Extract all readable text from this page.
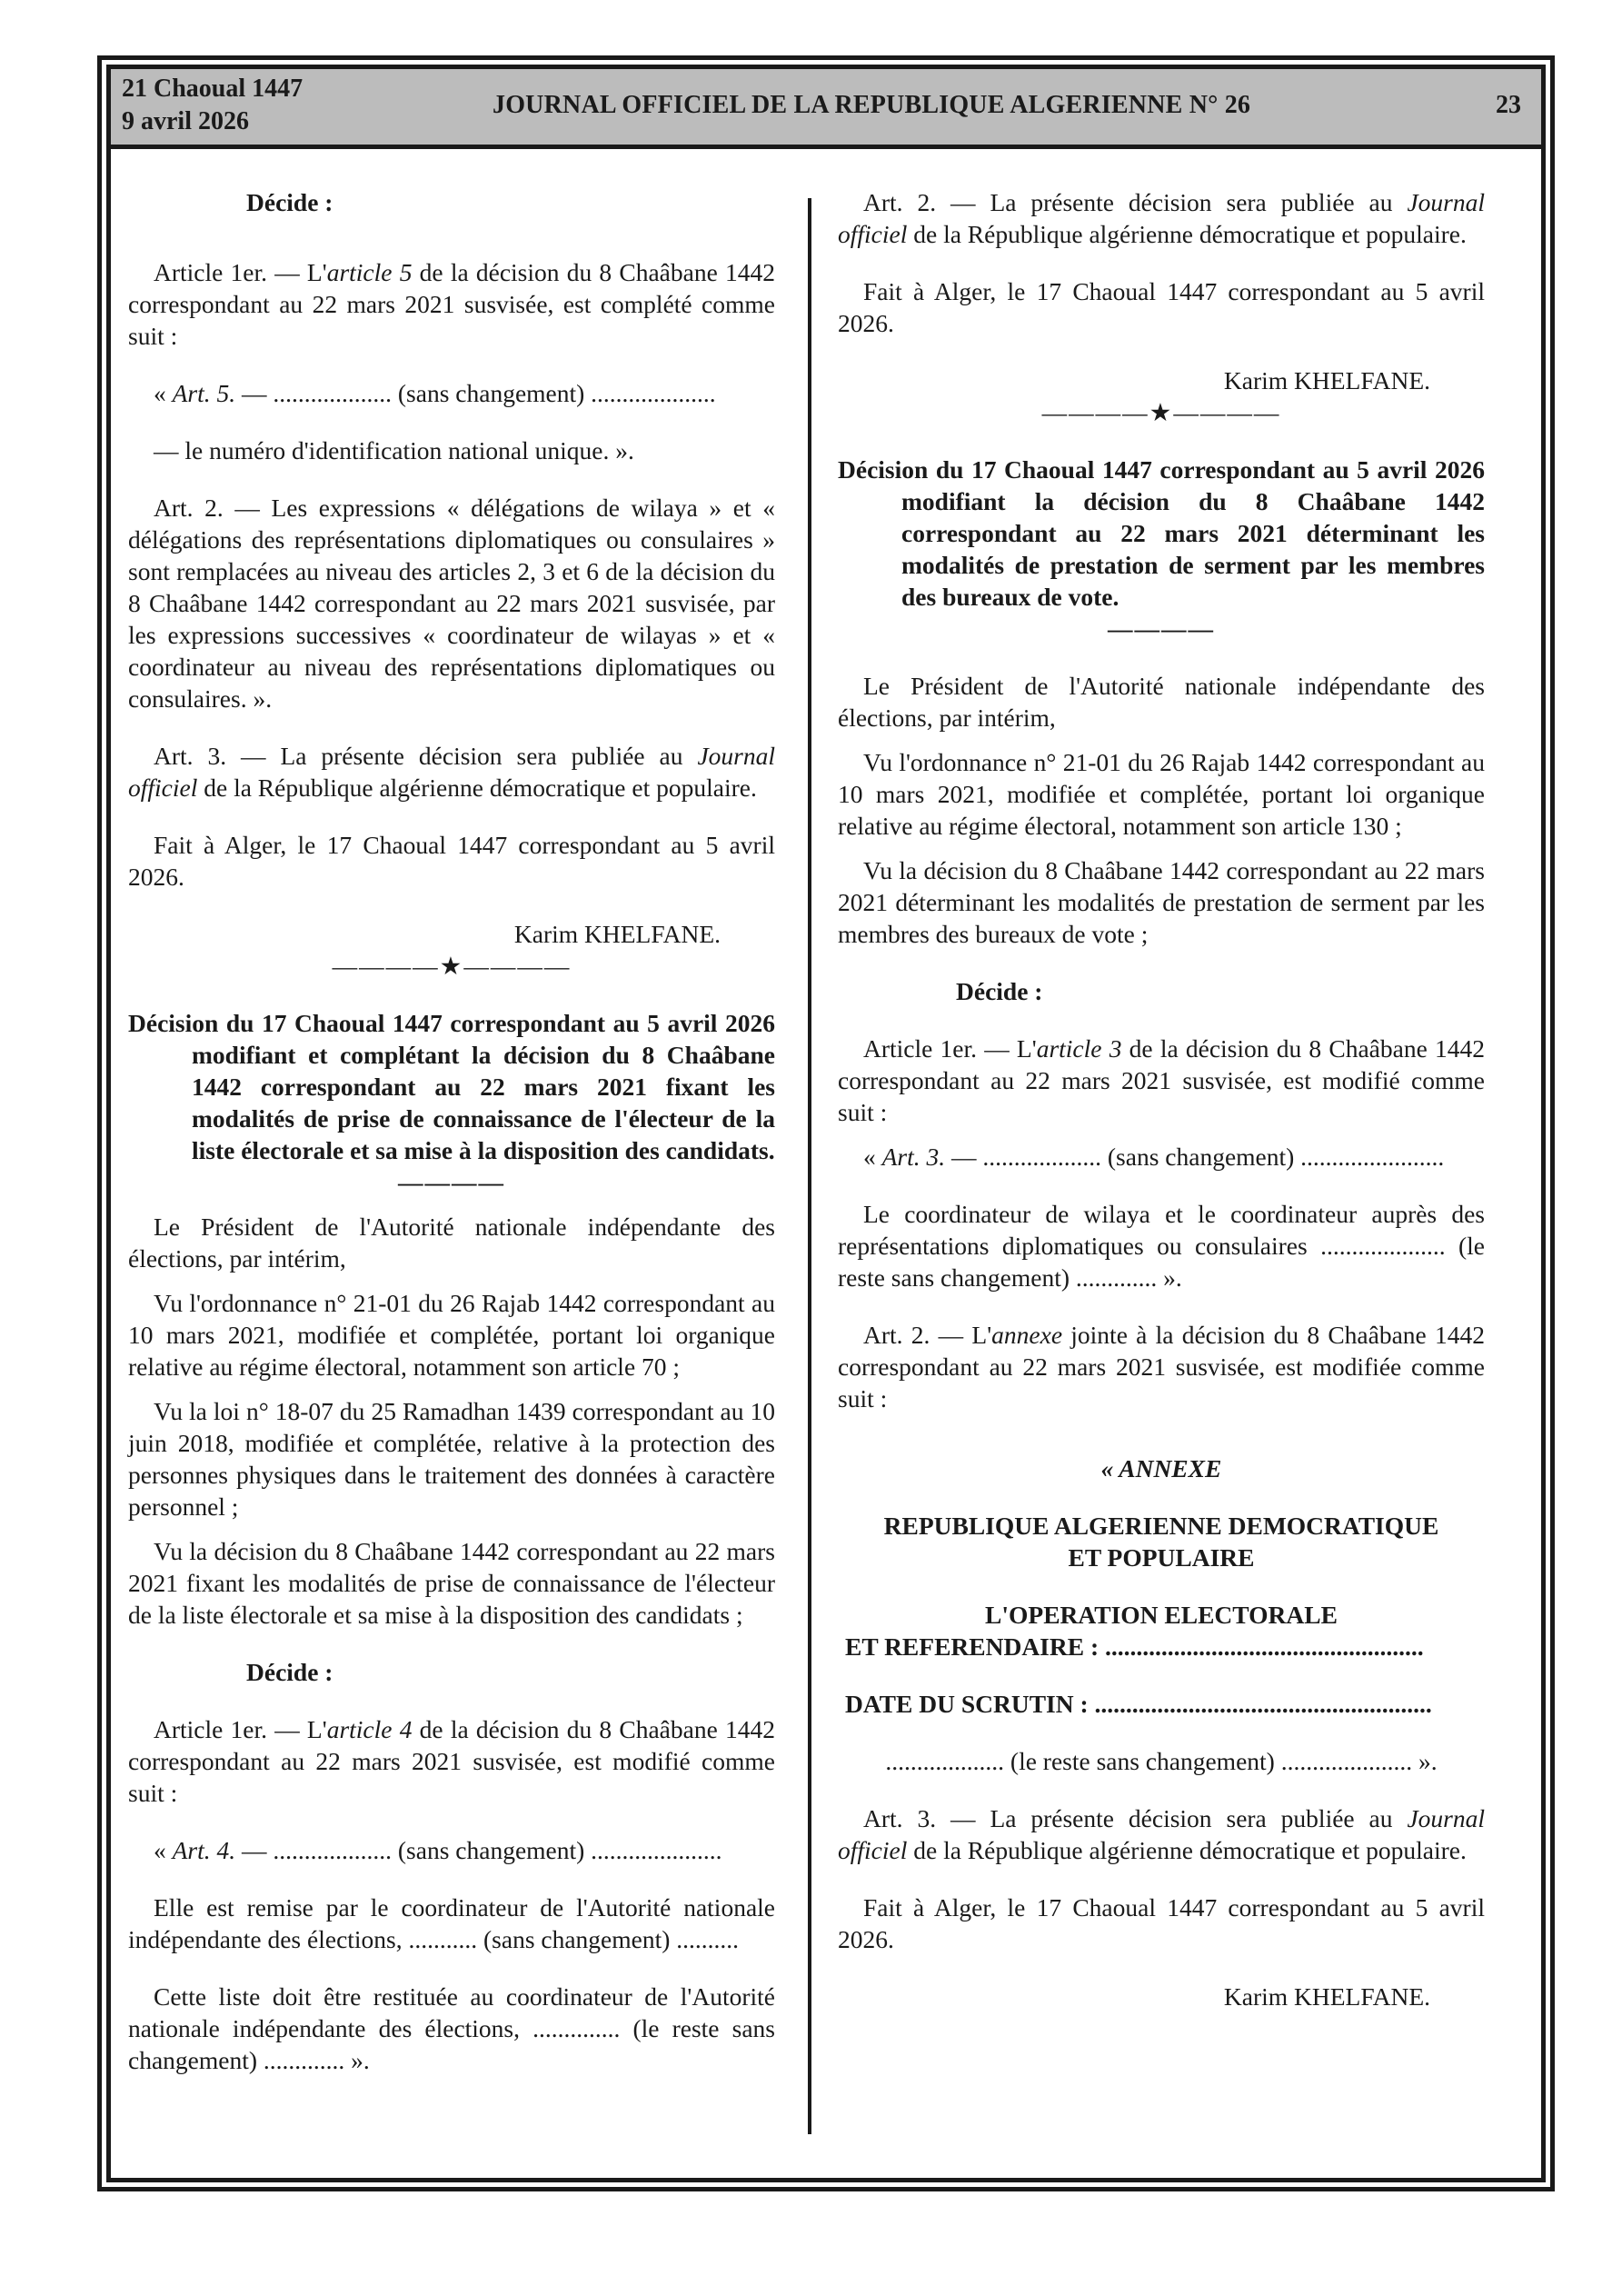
21 Chaoual 1447
9 avril 2026
JOURNAL OFFICIEL DE LA REPUBLIQUE ALGERIENNE N° 26	23

Décide :

Article 1er. — L'article 5 de la décision du 8 Chaâbane 1442 correspondant au 22 mars 2021 susvisée, est complété comme suit :

« Art. 5. — ................... (sans changement) ....................

— le numéro d'identification national unique. ».

Art. 2. — Les expressions « délégations de wilaya » et « délégations des représentations diplomatiques ou consulaires » sont remplacées au niveau des articles 2, 3 et 6 de la décision du 8 Chaâbane 1442 correspondant au 22 mars 2021 susvisée, par les expressions successives « coordinateur de wilayas » et « coordinateur au niveau des représentations diplomatiques ou consulaires. ».

Art. 3. — La présente décision sera publiée au Journal officiel de la République algérienne démocratique et populaire.

Fait à Alger, le 17 Chaoual 1447 correspondant au 5 avril 2026.

Karim KHELFANE.

————★————

Décision du 17 Chaoual 1447 correspondant au 5 avril 2026 modifiant et complétant la décision du 8 Chaâbane 1442 correspondant au 22 mars 2021 fixant les modalités de prise de connaissance de l'électeur de la liste électorale et sa mise à la disposition des candidats.

————

Le Président de l'Autorité nationale indépendante des élections, par intérim,

Vu l'ordonnance n° 21-01 du 26 Rajab 1442 correspondant au 10 mars 2021, modifiée et complétée, portant loi organique relative au régime électoral, notamment son article 70 ;

Vu la loi n° 18-07 du 25 Ramadhan 1439 correspondant au 10 juin 2018, modifiée et complétée, relative à la protection des personnes physiques dans le traitement des données à caractère personnel ;

Vu la décision du 8 Chaâbane 1442 correspondant au 22 mars 2021 fixant les modalités de prise de connaissance de l'électeur de la liste électorale et sa mise à la disposition des candidats ;

Décide :

Article 1er. — L'article 4 de la décision du 8 Chaâbane 1442 correspondant au 22 mars 2021 susvisée, est modifié comme suit :

« Art. 4. — ................... (sans changement) .....................

Elle est remise par le coordinateur de l'Autorité nationale indépendante des élections, ........... (sans changement) ..........

Cette liste doit être restituée au coordinateur de l'Autorité nationale indépendante des élections, .............. (le reste sans changement) ............. ».

Art. 2. — La présente décision sera publiée au Journal officiel de la République algérienne démocratique et populaire.

Fait à Alger, le 17 Chaoual 1447 correspondant au 5 avril 2026.

Karim KHELFANE.

————★————

Décision du 17 Chaoual 1447 correspondant au 5 avril 2026 modifiant la décision du 8 Chaâbane 1442 correspondant au 22 mars 2021 déterminant les modalités de prestation de serment par les membres des bureaux de vote.

————

Le Président de l'Autorité nationale indépendante des élections, par intérim,

Vu l'ordonnance n° 21-01 du 26 Rajab 1442 correspondant au 10 mars 2021, modifiée et complétée, portant loi organique relative au régime électoral, notamment son article 130 ;

Vu la décision du 8 Chaâbane 1442 correspondant au 22 mars 2021 déterminant les modalités de prestation de serment par les membres des bureaux de vote ;

Décide :

Article 1er. — L'article 3 de la décision du 8 Chaâbane 1442 correspondant au 22 mars 2021 susvisée, est modifié comme suit :

« Art. 3. — ................... (sans changement) .......................

Le coordinateur de wilaya et le coordinateur auprès des représentations diplomatiques ou consulaires .................... (le reste sans changement) ............. ».

Art. 2. — L'annexe jointe à la décision du 8 Chaâbane 1442 correspondant au 22 mars 2021 susvisée, est modifiée comme suit :

« ANNEXE

REPUBLIQUE ALGERIENNE DEMOCRATIQUE

ET POPULAIRE

L'OPERATION ELECTORALE

ET REFERENDAIRE : ...................................................

DATE DU SCRUTIN : ......................................................

................... (le reste sans changement) ..................... ».

Art. 3. — La présente décision sera publiée au Journal officiel de la République algérienne démocratique et populaire.

Fait à Alger, le 17 Chaoual 1447 correspondant au 5 avril 2026.

Karim KHELFANE.
